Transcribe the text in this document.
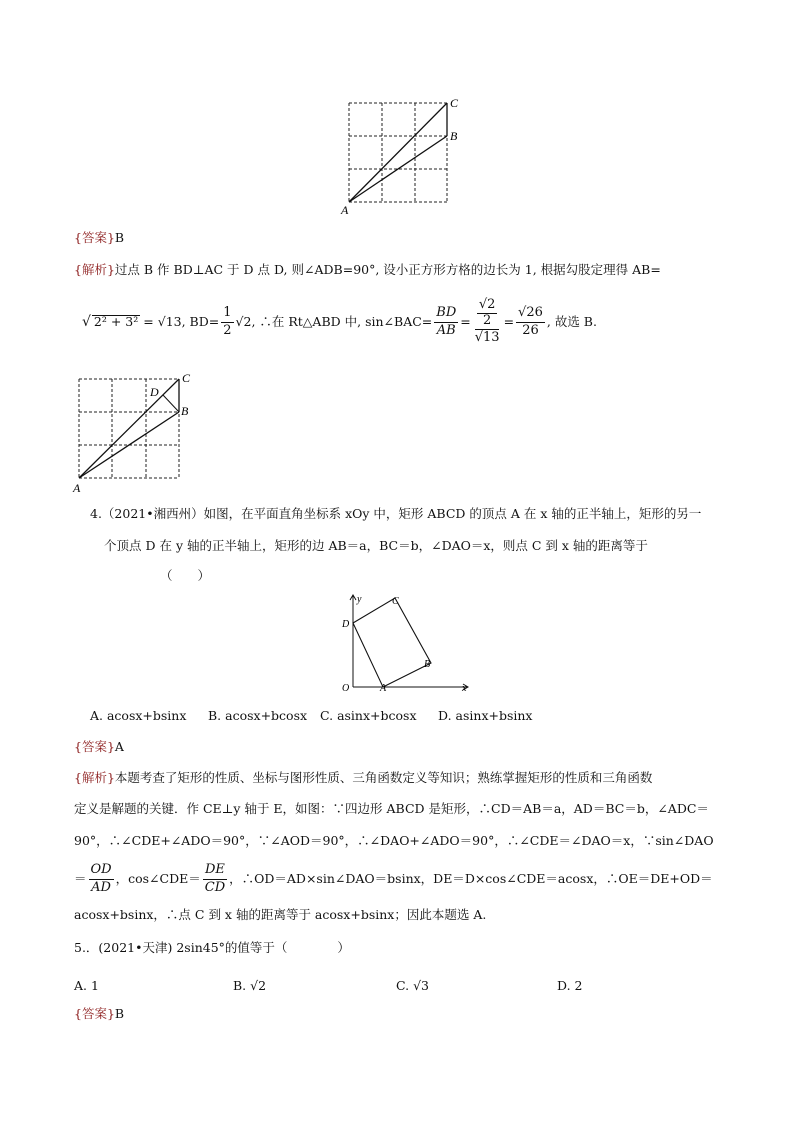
C
B
A
{答案}B
{解析}过点 B 作 BD⊥AC 于 D 点 D, 则∠ADB=90°, 设小正方形方格的边长为 1, 根据勾股定理得 AB=
√ 2² + 3² = √13 , $BD= \frac{1}{2} √2$ , ∴在 Rt△ABD 中, sin∠BAC= $\frac{BD}{AB} = √2$
2
$√13 = \frac{√26}{26}$ , 故选 B.
D
C
B
A
4.（2021•湘西州）如图，在平面直角坐标系 xOy 中，矩形 ABCD 的顶点 A 在 x 轴的正半轴上，矩形的另一
个顶点 D 在 y 轴的正半轴上，矩形的边 AB＝a，BC＝b，∠DAO＝x，则点 C 到 x 轴的距离等于
（　　）
y
x
O	A
B
C
D
A. acosx+bsinx B. acosx+bcosx C. asinx+bcosx D. asinx+bsinx
{答案}A
{解析}本题考查了矩形的性质、坐标与图形性质、三角函数定义等知识；熟练掌握矩形的性质和三角函数
定义是解题的关键．作 CE⊥y 轴于 E，如图：∵四边形 ABCD 是矩形，∴CD＝AB＝a，AD＝BC＝b，∠ADC＝
90°，∴∠CDE+∠ADO＝90°，∵∠AOD＝90°，∴∠DAO+∠ADO＝90°，∴∠CDE＝∠DAO＝x，∵sin∠DAO
＝ $\frac{OD}{AD}$ ，cos∠CDE＝ $\frac{DE}{CD}$ ，∴OD＝AD×sin∠DAO＝bsinx，DE＝D×cos∠CDE＝acosx，∴OE＝DE+OD＝
acosx+bsinx，∴点 C 到 x 轴的距离等于 acosx+bsinx；因此本题选 A.
5.．(2021•天津) 2sin45°的值等于（　　　　）
A. 1	B. √2	C. √3	D. 2
{答案}B
